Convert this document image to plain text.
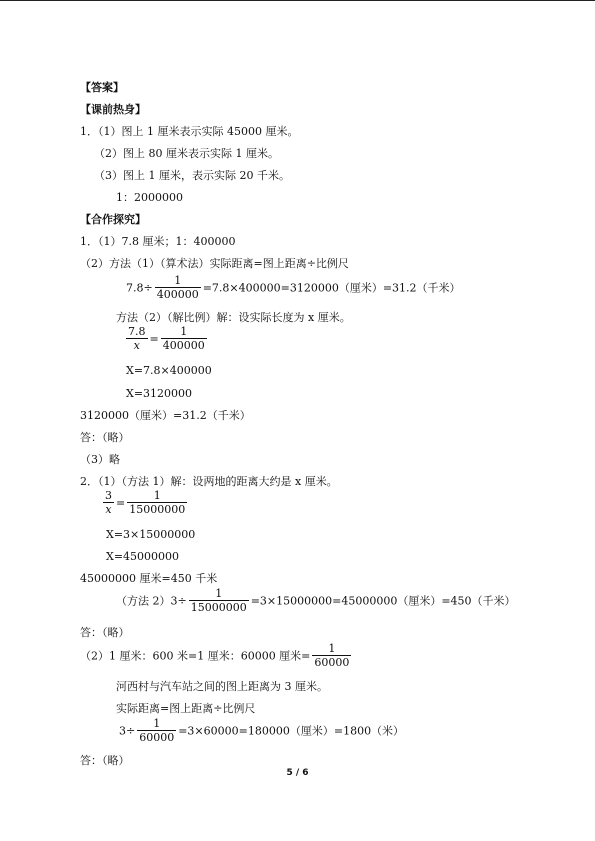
【答案】
【课前热身】
1．（1）图上 1 厘米表示实际 45000 厘米。
（2）图上 80 厘米表示实际 1 厘米。
（3）图上 1 厘米，表示实际 20 千米。
1：2000000
【合作探究】
1．（1）7.8 厘米；1：400000
（2）方法（1）（算术法）实际距离=图上距离÷比例尺
$7.8\div \frac{1}{400000} =7.8\times 400000=3120000$（厘米）=31.2（千米）
方法（2）（解比例）解：设实际长度为 x 厘米。
$\frac{7.8}{x} = \frac{1}{400000}$
X=7.8×400000
X=3120000
3120000（厘米）=31.2（千米）
答：（略）
（3）略
2．（1）（方法 1）解：设两地的距离大约是 x 厘米。
$\frac{3}{x} = \frac{1}{15000000}$
X=3×15000000
X=45000000
45000000 厘米=450 千米
（方法 $2)3\div \frac{1}{15000000} =3\times 15000000=45000000$（厘米）=450（千米）
答：（略）
（2）1 厘米：600 米=1 厘米：60000 厘米= $\frac{1}{60000}$
河西村与汽车站之间的图上距离为 3 厘米。
实际距离=图上距离÷比例尺
$3\div \frac{1}{60000} =3\times 60000=180000$（厘米）=1800（米）
答：（略）
5 / 6
